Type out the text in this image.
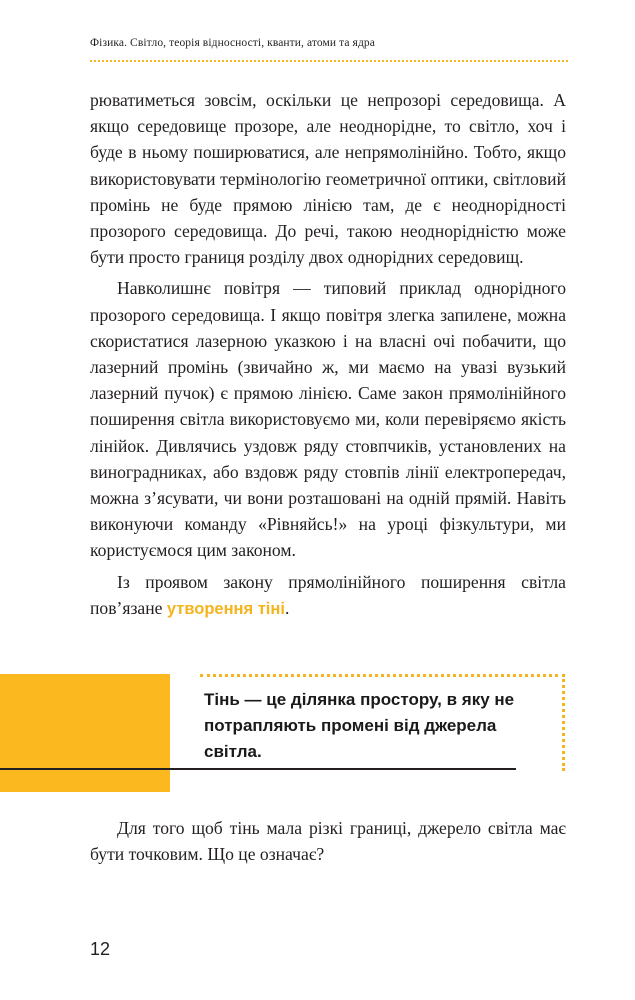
Фізика. Світло, теорія відносності, кванти, атоми та ядра

рюватиметься зовсім, оскільки це непрозорі середовища. А якщо середовище прозоре, але неоднорідне, то світло, хоч і буде в ньому поширюватися, але непрямолінійно. Тобто, якщо використовувати термінологію геометричної оптики, світловий промінь не буде прямою лінією там, де є неоднорідності прозорого середовища. До речі, такою неоднорідністю може бути просто границя розділу двох однорідних середовищ.

Навколишнє повітря — типовий приклад однорідного прозорого середовища. І якщо повітря злегка запилене, можна скористатися лазерною указкою і на власні очі побачити, що лазерний промінь (звичайно ж, ми маємо на увазі вузький лазерний пучок) є прямою лінією. Саме закон прямолінійного поширення світла використовуємо ми, коли перевіряємо якість лінійок. Дивлячись уздовж ряду стовпчиків, установлених на виноградниках, або вздовж ряду стовпів лінії електропередач, можна з’ясувати, чи вони розташовані на одній прямій. Навіть виконуючи команду «Рівняйсь!» на уроці фізкультури, ми користуємося цим законом.

Із проявом закону прямолінійного поширення світла пов’язане утворення тіні.

Тінь — це ділянка простору, в яку не потрапляють промені від джерела світла.

Для того щоб тінь мала різкі границі, джерело світла має бути точковим. Що це означає?

12
